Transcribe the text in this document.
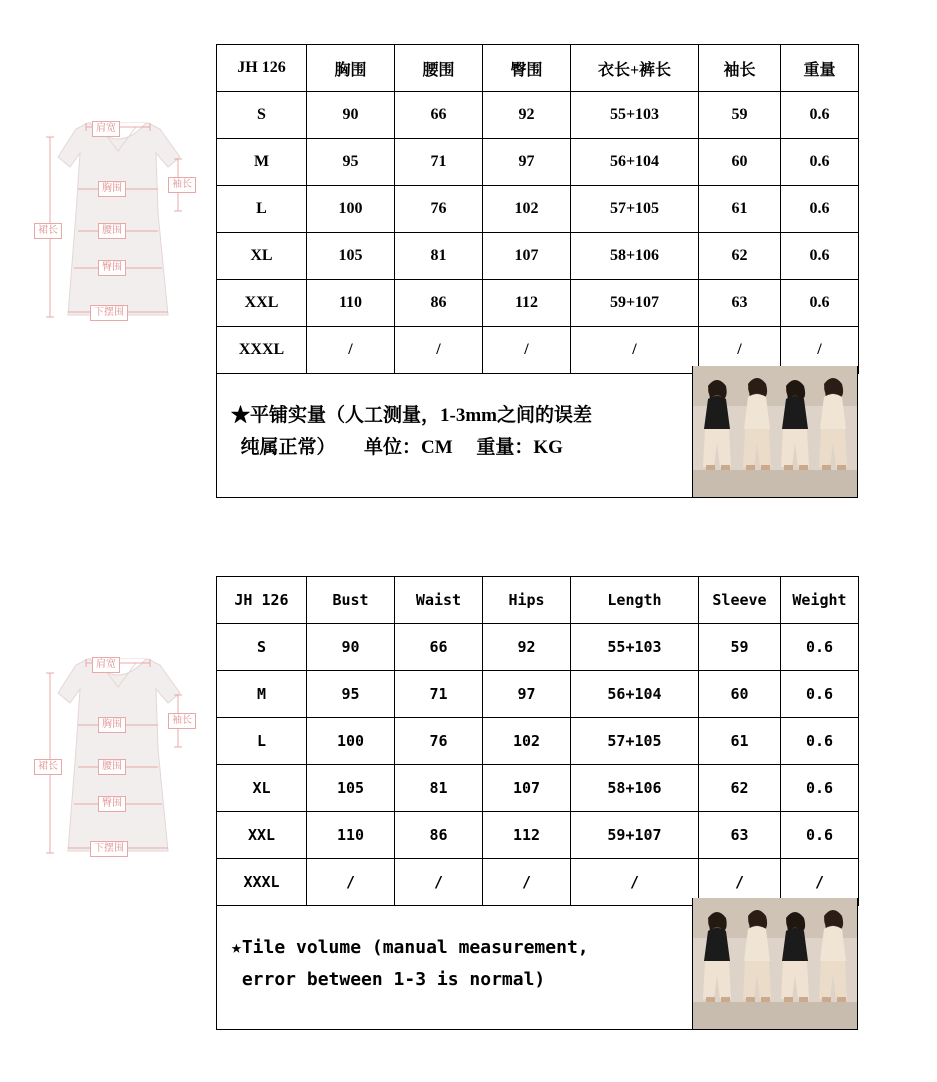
肩宽
胸围
腰围
臀围
下摆围
袖长
裙长
JH 126	胸围	腰围	臀围	衣长+裤长	袖长	重量
S	90	66	92	55+103	59	0.6
M	95	71	97	56+104	60	0.6
L	100	76	102	57+105	61	0.6
XL	105	81	107	58+106	62	0.6
XXL	110	86	112	59+107	63	0.6
XXXL	/	/	/	/	/	/
★平铺实量（人工测量，1-3mm之间的误差
纯属正常）      单位：CM     重量：KG
肩宽
胸围
腰围
臀围
下摆围
袖长
裙长
JH 126	Bust	Waist	Hips	Length	Sleeve	Weight
S	90	66	92	55+103	59	0.6
M	95	71	97	56+104	60	0.6
L	100	76	102	57+105	61	0.6
XL	105	81	107	58+106	62	0.6
XXL	110	86	112	59+107	63	0.6
XXXL	/	/	/	/	/	/
★Tile volume (manual measurement,
error between 1-3 is normal)
